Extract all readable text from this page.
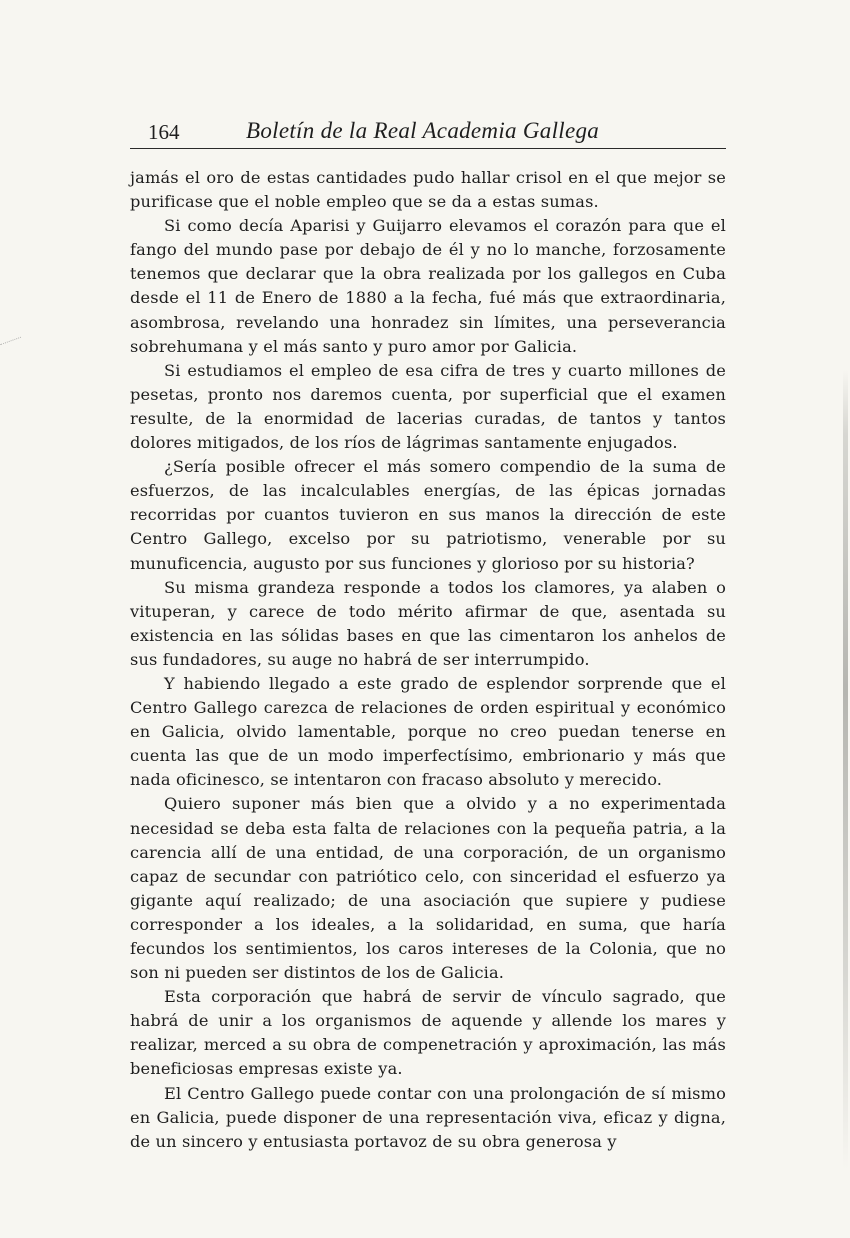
164	Boletín de la Real Academia Gallega

jamás el oro de estas cantidades pudo hallar crisol en el que mejor se purificase que el noble empleo que se da a estas sumas.

Si como decía Aparisi y Guijarro elevamos el corazón para que el fango del mundo pase por debajo de él y no lo manche, forzosamente tenemos que declarar que la obra realizada por los gallegos en Cuba desde el 11 de Enero de 1880 a la fecha, fué más que extraordinaria, asombrosa, revelando una honradez sin límites, una perseverancia sobrehumana y el más santo y puro amor por Galicia.

Si estudiamos el empleo de esa cifra de tres y cuarto millones de pesetas, pronto nos daremos cuenta, por superficial que el examen resulte, de la enormidad de lacerias curadas, de tantos y tantos dolores mitigados, de los ríos de lágrimas santamente enjugados.

¿Sería posible ofrecer el más somero compendio de la suma de esfuerzos, de las incalculables energías, de las épicas jornadas recorridas por cuantos tuvieron en sus manos la dirección de este Centro Gallego, excelso por su patriotismo, venerable por su munuficencia, augusto por sus funciones y glorioso por su historia?

Su misma grandeza responde a todos los clamores, ya alaben o vituperan, y carece de todo mérito afirmar de que, asentada su existencia en las sólidas bases en que las cimentaron los anhelos de sus fundadores, su auge no habrá de ser interrumpido.

Y habiendo llegado a este grado de esplendor sorprende que el Centro Gallego carezca de relaciones de orden espiritual y económico en Galicia, olvido lamentable, porque no creo puedan tenerse en cuenta las que de un modo imperfectísimo, embrionario y más que nada oficinesco, se intentaron con fracaso absoluto y merecido.

Quiero suponer más bien que a olvido y a no experimentada necesidad se deba esta falta de relaciones con la pequeña patria, a la carencia allí de una entidad, de una corporación, de un organismo capaz de secundar con patriótico celo, con sinceridad el esfuerzo ya gigante aquí realizado; de una asociación que supiere y pudiese corresponder a los ideales, a la solidaridad, en suma, que haría fecundos los sentimientos, los caros intereses de la Colonia, que no son ni pueden ser distintos de los de Galicia.

Esta corporación que habrá de servir de vínculo sagrado, que habrá de unir a los organismos de aquende y allende los mares y realizar, merced a su obra de compenetración y aproximación, las más beneficiosas empresas existe ya.

El Centro Gallego puede contar con una prolongación de sí mismo en Galicia, puede disponer de una representación viva, eficaz y digna, de un sincero y entusiasta portavoz de su obra generosa y
